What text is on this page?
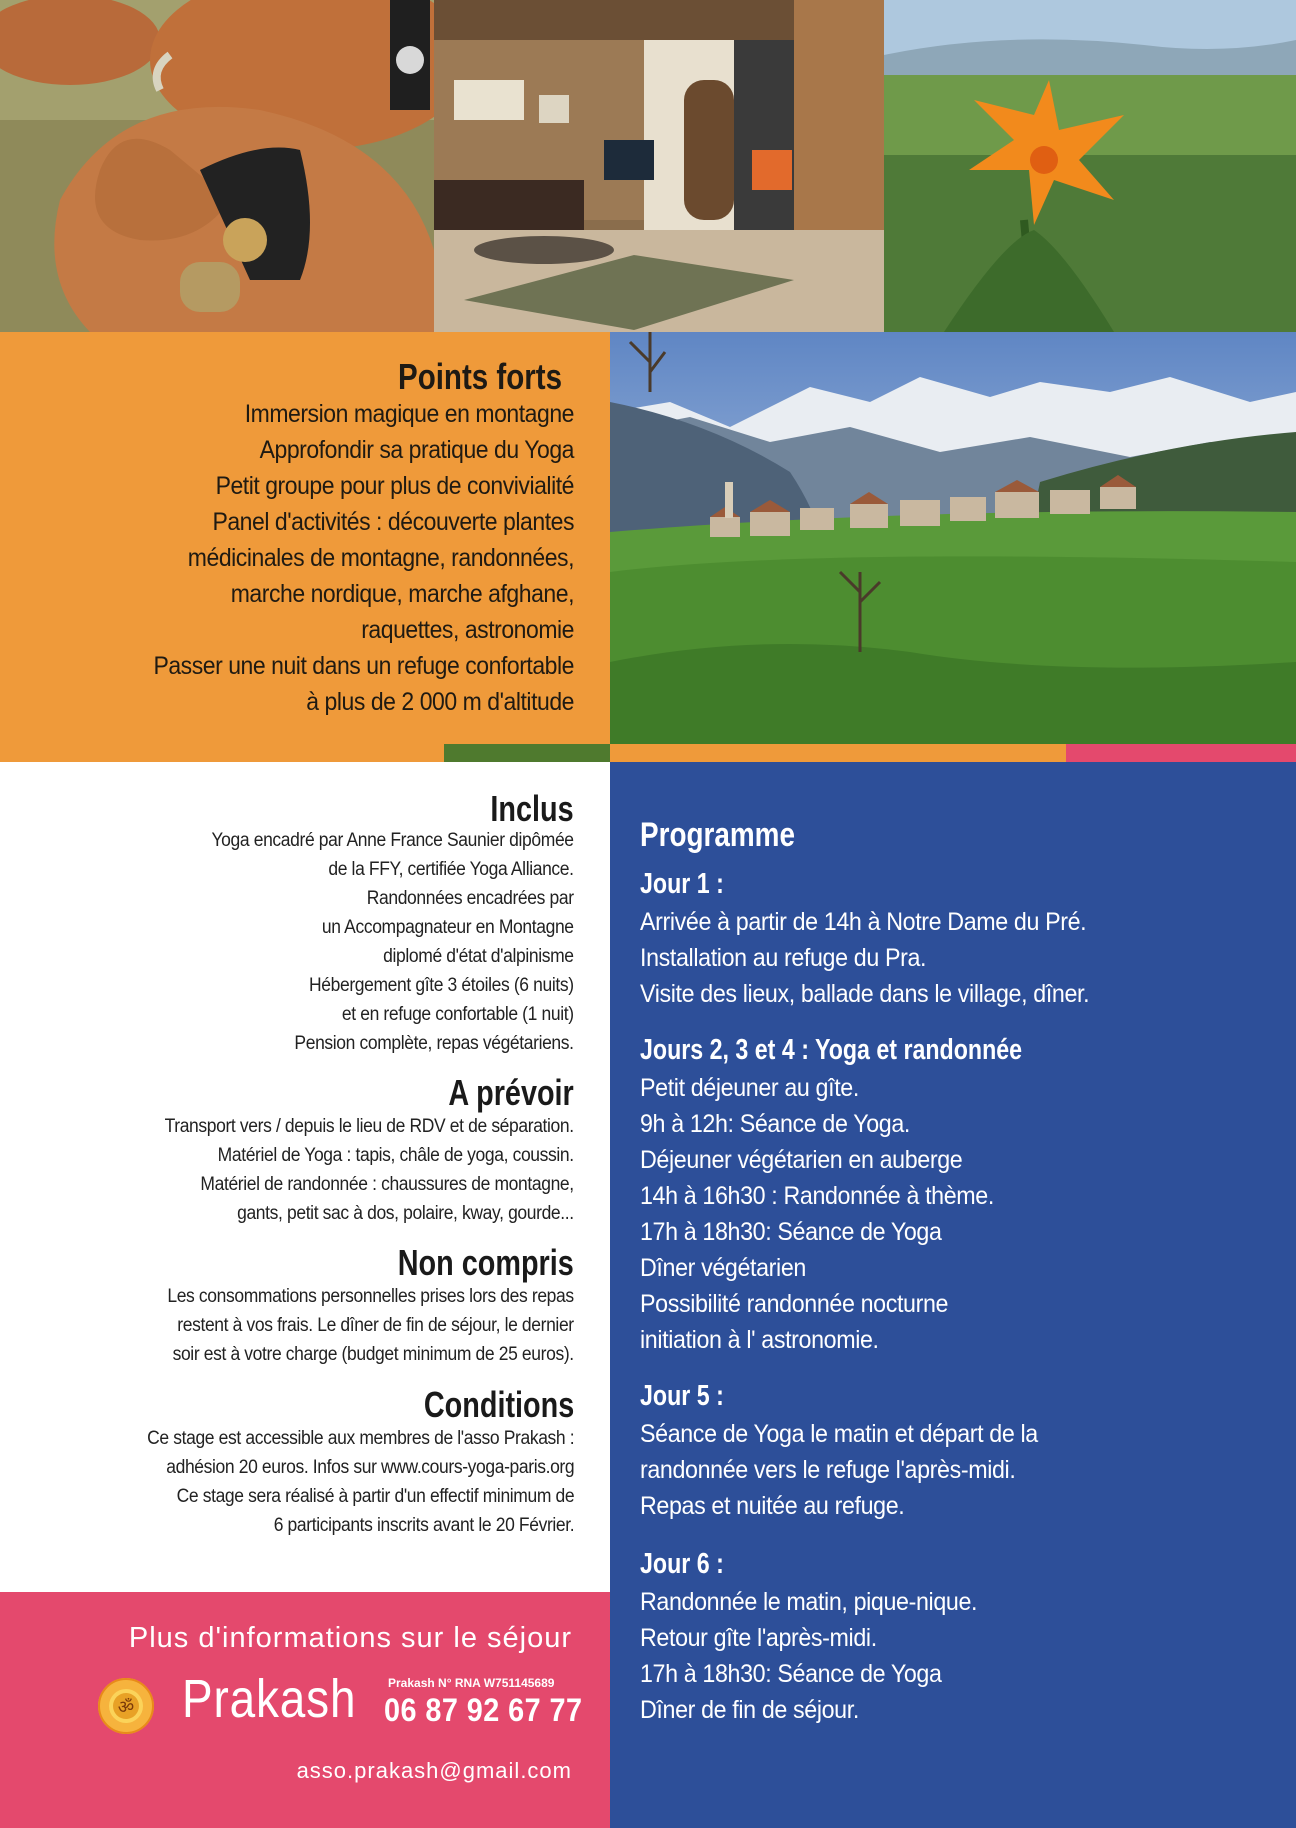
Points forts
Immersion magique en montagne
Approfondir sa pratique du Yoga
Petit groupe pour plus de convivialité
Panel d'activités : découverte plantes
médicinales de montagne, randonnées,
marche nordique, marche afghane,
raquettes, astronomie
Passer une nuit dans un refuge confortable
à plus de 2 000 m d'altitude
Inclus
Yoga encadré par Anne France Saunier dipômée
de la FFY, certifiée Yoga Alliance.
Randonnées encadrées par
un Accompagnateur en Montagne
diplomé d'état d'alpinisme
Hébergement gîte 3 étoiles (6 nuits)
et en refuge confortable (1 nuit)
Pension complète, repas végétariens.
A prévoir
Transport vers / depuis le lieu de RDV et de séparation.
Matériel de Yoga : tapis, châle de yoga, coussin.
Matériel de randonnée : chaussures de montagne,
gants, petit sac à dos, polaire, kway, gourde...
Non compris
Les consommations personnelles prises lors des repas
restent à vos frais. Le dîner de fin de séjour, le dernier
soir est à votre charge (budget minimum de 25 euros).
Conditions
Ce stage est accessible aux membres de l'asso Prakash :
adhésion 20 euros. Infos sur www.cours-yoga-paris.org
Ce stage sera réalisé à partir d'un effectif minimum de
6 participants inscrits avant le 20 Février.
Plus d'informations sur le séjour
ॐ Prakash	Prakash N° RNA W751145689
06 87 92 67 77
asso.prakash@gmail.com
Programme
Jour 1 :
Arrivée à partir de 14h à Notre Dame du Pré.
Installation au refuge du Pra.
Visite des lieux, ballade dans le village, dîner.
Jours 2, 3 et 4 : Yoga et randonnée
Petit déjeuner au gîte.
9h à 12h: Séance de Yoga.
Déjeuner végétarien en auberge
14h à 16h30 : Randonnée à thème.
17h à 18h30: Séance de Yoga
Dîner végétarien
Possibilité randonnée nocturne
initiation à l' astronomie.
Jour 5 :
Séance de Yoga le matin et départ de la
randonnée vers le refuge l'après-midi.
Repas et nuitée au refuge.
Jour 6 :
Randonnée le matin, pique-nique.
Retour gîte l'après-midi.
17h à 18h30: Séance de Yoga
Dîner de fin de séjour.
